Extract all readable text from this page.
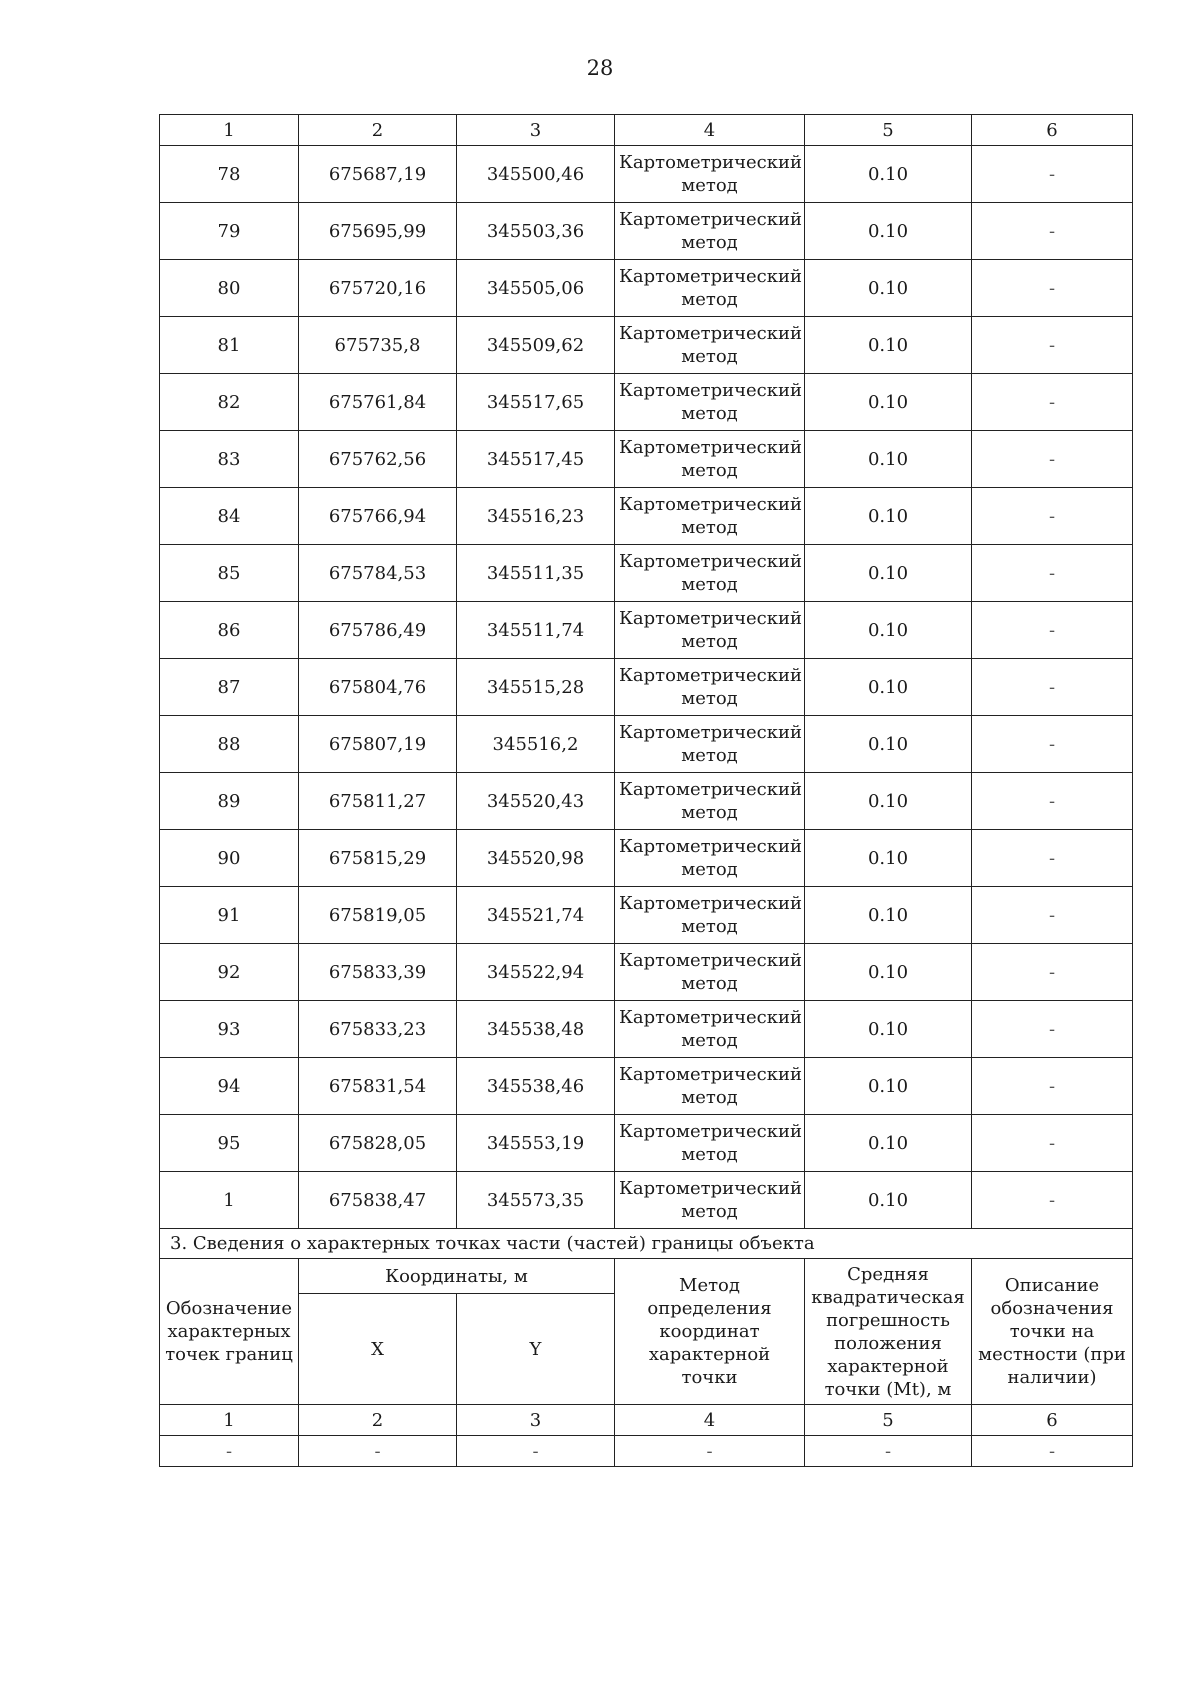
28
1	2	3	4	5	6
78	675687,19	345500,46	Картометрический метод	0.10	-
79	675695,99	345503,36	Картометрический метод	0.10	-
80	675720,16	345505,06	Картометрический метод	0.10	-
81	675735,8	345509,62	Картометрический метод	0.10	-
82	675761,84	345517,65	Картометрический метод	0.10	-
83	675762,56	345517,45	Картометрический метод	0.10	-
84	675766,94	345516,23	Картометрический метод	0.10	-
85	675784,53	345511,35	Картометрический метод	0.10	-
86	675786,49	345511,74	Картометрический метод	0.10	-
87	675804,76	345515,28	Картометрический метод	0.10	-
88	675807,19	345516,2	Картометрический метод	0.10	-
89	675811,27	345520,43	Картометрический метод	0.10	-
90	675815,29	345520,98	Картометрический метод	0.10	-
91	675819,05	345521,74	Картометрический метод	0.10	-
92	675833,39	345522,94	Картометрический метод	0.10	-
93	675833,23	345538,48	Картометрический метод	0.10	-
94	675831,54	345538,46	Картометрический метод	0.10	-
95	675828,05	345553,19	Картометрический метод	0.10	-
1	675838,47	345573,35	Картометрический метод	0.10	-
3. Сведения о характерных точках части (частей) границы объекта					
Обозначение характерных точек границ	Координаты, м		Метод определения координат характерной точки	Средняя квадратическая погрешность положения характерной точки (Mt), м	Описание обозначения точки на местности (при наличии)
	X	Y			
1	2	3	4	5	6
-	-	-	-	-	-
